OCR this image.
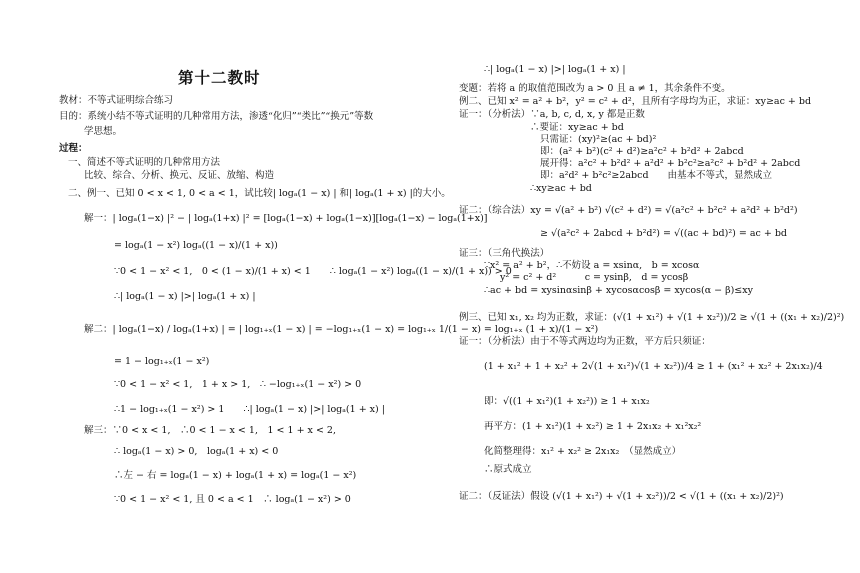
第十二教时
教材：不等式证明综合练习
目的：系统小结不等式证明的几种常用方法，渗透“化归”“类比”“换元”等数
学思想。
过程：
一、简述不等式证明的几种常用方法
比较、综合、分析、换元、反证、放缩、构造
二、例一、已知 0 < x < 1, 0 < a < 1，试比较| logₐ(1 − x) | 和| logₐ(1 + x) |的大小。
解一：| logₐ(1−x) |² − | logₐ(1+x) |² = [logₐ(1−x) + logₐ(1−x)][logₐ(1−x) − logₐ(1+x)]
= logₐ(1 − x²) logₐ((1 − x)/(1 + x))
∵0 < 1 − x² < 1,　0 < (1 − x)/(1 + x) < 1　　∴ logₐ(1 − x²) logₐ((1 − x)/(1 + x)) > 0
∴| logₐ(1 − x) |>| logₐ(1 + x) |
解二：| logₐ(1−x) / logₐ(1+x) | = | log₁₊ₓ(1 − x) | = −log₁₊ₓ(1 − x) = log₁₊ₓ 1/(1 − x) = log₁₊ₓ (1 + x)/(1 − x²)
= 1 − log₁₊ₓ(1 − x²)
∵0 < 1 − x² < 1,　1 + x > 1,　∴ −log₁₊ₓ(1 − x²) > 0
∴1 − log₁₊ₓ(1 − x²) > 1　　∴| logₐ(1 − x) |>| logₐ(1 + x) |
解三：∵0 < x < 1,　∴0 < 1 − x < 1,　1 < 1 + x < 2,
∴ logₐ(1 − x) > 0,　logₐ(1 + x) < 0
∴左 − 右 = logₐ(1 − x) + logₐ(1 + x) = logₐ(1 − x²)
∵0 < 1 − x² < 1, 且 0 < a < 1　∴ logₐ(1 − x²) > 0
∴| logₐ(1 − x) |>| logₐ(1 + x) |
变题：若将 a 的取值范围改为 a > 0 且 a ≠ 1，其余条件不变。
例二、已知 x² = a² + b²，y² = c² + d²，且所有字母均为正，求证：xy≥ac + bd
证一：（分析法）∵a, b, c, d, x, y 都是正数
∴要证：xy≥ac + bd
只需证：(xy)²≥(ac + bd)²
即：(a² + b²)(c² + d²)≥a²c² + b²d² + 2abcd
展开得：a²c² + b²d² + a²d² + b²c²≥a²c² + b²d² + 2abcd
即：a²d² + b²c²≥2abcd　　由基本不等式，显然成立
∴xy≥ac + bd
证二：（综合法）xy = √(a² + b²) √(c² + d²) = √(a²c² + b²c² + a²d² + b²d²)
≥ √(a²c² + 2abcd + b²d²) = √((ac + bd)²) = ac + bd
证三：（三角代换法）
∵x² = a² + b²，∴不妨设 a = xsinα,　b = xcosα
y² = c² + d²　　　c = ysinβ,　d = ycosβ
∴ac + bd = xysinαsinβ + xycosαcosβ = xycos(α − β)≤xy
例三、已知 x₁, x₂ 均为正数，求证：(√(1 + x₁²) + √(1 + x₂²))/2 ≥ √(1 + ((x₁ + x₂)/2)²)
证一：（分析法）由于不等式两边均为正数，平方后只须证：
(1 + x₁² + 1 + x₂² + 2√(1 + x₁²)√(1 + x₂²))/4 ≥ 1 + (x₁² + x₂² + 2x₁x₂)/4
即：√((1 + x₁²)(1 + x₂²)) ≥ 1 + x₁x₂
再平方：(1 + x₁²)(1 + x₂²) ≥ 1 + 2x₁x₂ + x₁²x₂²
化简整理得：x₁² + x₂² ≥ 2x₁x₂　（显然成立）
∴原式成立
证二：（反证法）假设 (√(1 + x₁²) + √(1 + x₂²))/2 < √(1 + ((x₁ + x₂)/2)²)
